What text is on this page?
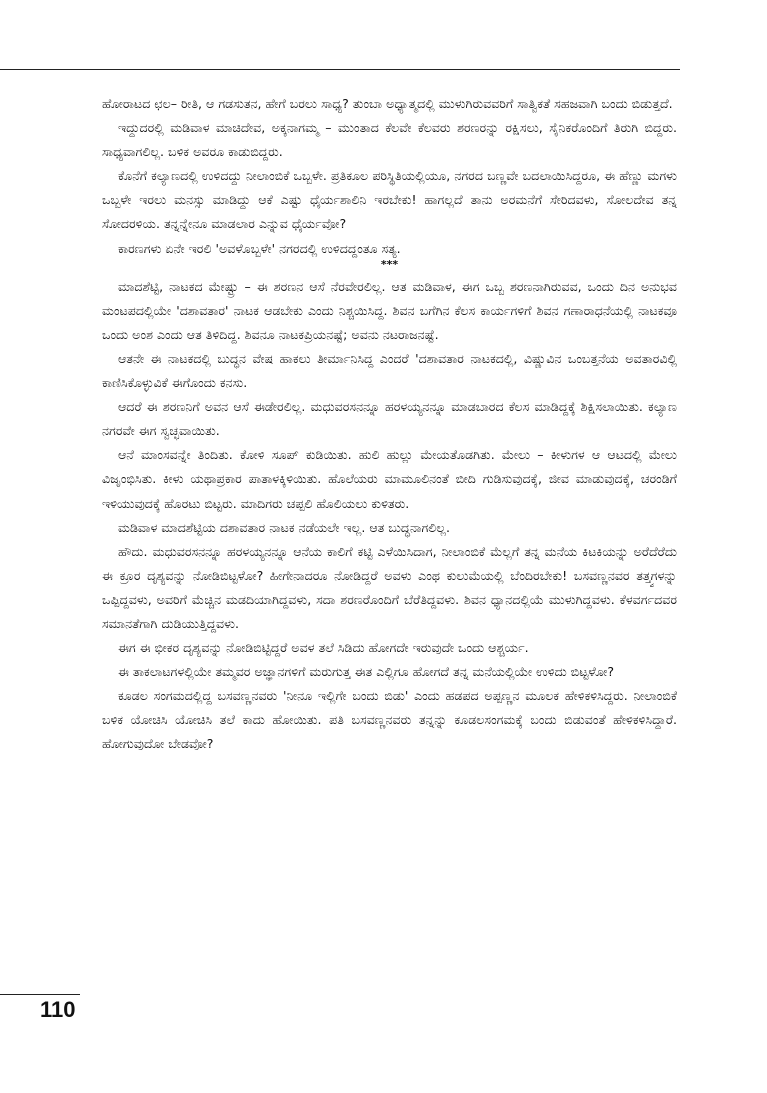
ಹೋರಾಟದ ಛಲ– ರೀತಿ, ಆ ಗಡಸುತನ, ಹೇಗೆ ಬರಲು ಸಾಧ್ಯ? ತುಂಬಾ ಅಧ್ಯಾತ್ಮದಲ್ಲಿ ಮುಳುಗಿರುವವರಿಗೆ ಸಾತ್ವಿಕತೆ ಸಹಜವಾಗಿ ಬಂದು ಬಿಡುತ್ತದೆ.

ಇದ್ದುದರಲ್ಲಿ ಮಡಿವಾಳ ಮಾಚಿದೇವ, ಅಕ್ಕನಾಗಮ್ಮ – ಮುಂತಾದ ಕೆಲವೇ ಕೆಲವರು ಶರಣರನ್ನು ರಕ್ಷಿಸಲು, ಸೈನಿಕರೊಂದಿಗೆ ತಿರುಗಿ ಬಿದ್ದರು. ಸಾಧ್ಯವಾಗಲಿಲ್ಲ. ಬಳಿಕ ಅವರೂ ಕಾಡುಬಿದ್ದರು.

ಕೊನೆಗೆ ಕಲ್ಯಾಣದಲ್ಲಿ ಉಳಿದದ್ದು ನೀಲಾಂಬಿಕೆ ಒಬ್ಬಳೇ. ಪ್ರತಿಕೂಲ ಪರಿಸ್ಥಿತಿಯಲ್ಲಿಯೂ, ನಗರದ ಬಣ್ಣವೇ ಬದಲಾಯಿಸಿದ್ದರೂ, ಈ ಹೆಣ್ಣು ಮಗಳು ಒಬ್ಬಳೇ ಇರಲು ಮನಸ್ಸು ಮಾಡಿದ್ದು ಆಕೆ ಎಷ್ಟು ಧೈರ್ಯಶಾಲಿನಿ ಇರಬೇಕು! ಹಾಗಲ್ಲದೆ ತಾನು ಅರಮನೆಗೆ ಸೇರಿದವಳು, ಸೋಲದೇವ ತನ್ನ ಸೋದರಳಿಯ. ತನ್ನನ್ನೇನೂ ಮಾಡಲಾರ ಎನ್ನುವ ಧೈರ್ಯವೋ?

ಕಾರಣಗಳು ಏನೇ ಇರಲಿ 'ಅವಳೊಬ್ಬಳೇ' ನಗರದಲ್ಲಿ ಉಳಿದದ್ದಂತೂ ಸತ್ಯ.

***

ಮಾದಶೆಟ್ಟಿ, ನಾಟಕದ ಮೇಷ್ಟ್ರು – ಈ ಶರಣನ ಆಸೆ ನೆರವೇರಲಿಲ್ಲ. ಆತ ಮಡಿವಾಳ, ಈಗ ಒಬ್ಬ ಶರಣನಾಗಿರುವವ, ಒಂದು ದಿನ ಅನುಭವ ಮಂಟಪದಲ್ಲಿಯೇ 'ದಶಾವತಾರ' ನಾಟಕ ಆಡಬೇಕು ಎಂದು ನಿಶ್ಚಯಿಸಿದ್ದ. ಶಿವನ ಬಗೆಗಿನ ಕೆಲಸ ಕಾರ್ಯಗಳಿಗೆ ಶಿವನ ಗಣಾರಾಧನೆಯಲ್ಲಿ ನಾಟಕವೂ ಒಂದು ಅಂಶ ಎಂದು ಆತ ತಿಳಿದಿದ್ದ. ಶಿವನೂ ನಾಟಕಪ್ರಿಯನಷ್ಟೆ; ಅವನು ನಟರಾಜನಷ್ಟೆ.

ಆತನೇ ಈ ನಾಟಕದಲ್ಲಿ ಬುದ್ಧನ ವೇಷ ಹಾಕಲು ತೀರ್ಮಾನಿಸಿದ್ದ ಎಂದರೆ 'ದಶಾವತಾರ ನಾಟಕದಲ್ಲಿ, ವಿಷ್ಣುವಿನ ಒಂಬತ್ತನೆಯ ಅವತಾರವಿಲ್ಲಿ ಕಾಣಿಸಿಕೊಳ್ಳುವಿಕೆ ಈಗೊಂದು ಕನಸು.

ಆದರೆ ಈ ಶರಣನಿಗೆ ಅವನ ಆಸೆ ಈಡೇರಲಿಲ್ಲ. ಮಧುವರಸನನ್ನೂ ಹರಳಯ್ಯನನ್ನೂ ಮಾಡಬಾರದ ಕೆಲಸ ಮಾಡಿದ್ದಕ್ಕೆ ಶಿಕ್ಷಿಸಲಾಯಿತು. ಕಲ್ಯಾಣ ನಗರವೇ ಈಗ ಸ್ವಚ್ಛವಾಯಿತು.

ಆನೆ ಮಾಂಸವನ್ನೇ ತಿಂದಿತು. ಕೋಳಿ ಸೂಪ್ ಕುಡಿಯಿತು. ಹುಲಿ ಹುಲ್ಲು ಮೇಯತೊಡಗಿತು. ಮೇಲು – ಕೀಳುಗಳ ಆ ಆಟದಲ್ಲಿ ಮೇಲು ವಿಜೃಂಭಿಸಿತು. ಕೀಳು ಯಥಾಪ್ರಕಾರ ಪಾತಾಳಕ್ಕಿಳಿಯಿತು. ಹೊಲೆಯರು ಮಾಮೂಲಿನಂತೆ ಬೀದಿ ಗುಡಿಸುವುದಕ್ಕೆ, ಜೀವ ಮಾಡುವುದಕ್ಕೆ, ಚರಂಡಿಗೆ ಇಳಿಯುವುದಕ್ಕೆ ಹೊರಟು ಬಿಟ್ಟರು. ಮಾದಿಗರು ಚಪ್ಪಲಿ ಹೊಲಿಯಲು ಕುಳಿತರು.

ಮಡಿವಾಳ ಮಾದಶೆಟ್ಟಿಯ ದಶಾವತಾರ ನಾಟಕ ನಡೆಯಲೇ ಇಲ್ಲ. ಆತ ಬುದ್ಧನಾಗಲಿಲ್ಲ.

ಹೌದು. ಮಧುವರಸನನ್ನೂ ಹರಳಯ್ಯನನ್ನೂ ಆನೆಯ ಕಾಲಿಗೆ ಕಟ್ಟಿ ಎಳೆಯಿಸಿದಾಗ, ನೀಲಾಂಬಿಕೆ ಮೆಲ್ಲಗೆ ತನ್ನ ಮನೆಯ ಕಿಟಕಿಯನ್ನು ಅರೆದೆರೆದು ಈ ಕ್ರೂರ ದೃಶ್ಯವನ್ನು ನೋಡಿಬಿಟ್ಟಳೋ? ಹೀಗೇನಾದರೂ ನೋಡಿದ್ದರೆ ಅವಳು ಎಂಥ ಕುಲುಮೆಯಲ್ಲಿ ಬೆಂದಿರಬೇಕು! ಬಸವಣ್ಣನವರ ತತ್ತ್ವಗಳನ್ನು ಒಪ್ಪಿದ್ದವಳು, ಅವರಿಗೆ ಮೆಚ್ಚಿನ ಮಡದಿಯಾಗಿದ್ದವಳು, ಸದಾ ಶರಣರೊಂದಿಗೆ ಬೆರೆತಿದ್ದವಳು. ಶಿವನ ಧ್ಯಾನದಲ್ಲಿಯೆ ಮುಳುಗಿದ್ದವಳು. ಕೆಳವರ್ಗದವರ ಸಮಾನತೆಗಾಗಿ ದುಡಿಯುತ್ತಿದ್ದವಳು.

ಈಗ ಈ ಭೀಕರ ದೃಶ್ಯವನ್ನು ನೋಡಿಬಿಟ್ಟಿದ್ದರೆ ಅವಳ ತಲೆ ಸಿಡಿದು ಹೋಗದೇ ಇರುವುದೇ ಒಂದು ಆಶ್ಚರ್ಯ.

ಈ ತಾಕಲಾಟಗಳಲ್ಲಿಯೇ ತಮ್ಮವರ ಅಜ್ಞಾನಗಳಿಗೆ ಮರುಗುತ್ತ ಈತ ಎಲ್ಲಿಗೂ ಹೋಗದೆ ತನ್ನ ಮನೆಯಲ್ಲಿಯೇ ಉಳಿದು ಬಿಟ್ಟಳೋ?

ಕೂಡಲ ಸಂಗಮದಲ್ಲಿದ್ದ ಬಸವಣ್ಣನವರು 'ನೀನೂ ಇಲ್ಲಿಗೇ ಬಂದು ಬಿಡು' ಎಂದು ಹಡಪದ ಅಪ್ಪಣ್ಣನ ಮೂಲಕ ಹೇಳಿಕಳಿಸಿದ್ದರು. ನೀಲಾಂಬಿಕೆ ಬಳಿಕ ಯೋಚಿಸಿ ಯೋಚಿಸಿ ತಲೆ ಕಾದು ಹೋಯಿತು. ಪತಿ ಬಸವಣ್ಣನವರು ತನ್ನನ್ನು ಕೂಡಲಸಂಗಮಕ್ಕೆ ಬಂದು ಬಿಡುವಂತೆ ಹೇಳಿಕಳಿಸಿದ್ದಾರೆ. ಹೋಗುವುದೋ ಬೇಡವೋ?

110
